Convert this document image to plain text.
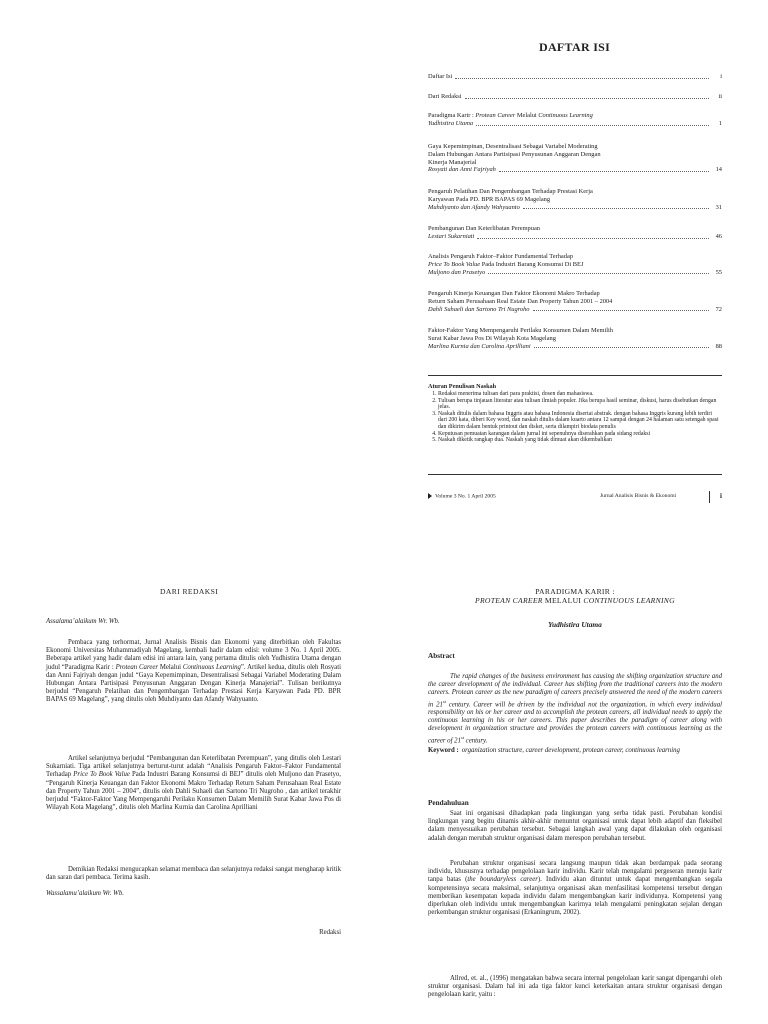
DAFTAR ISI
Daftar Isi	i
Dari Redaksi	ii
Paradigma Karir : Protean Career Melalui Continuous Learning
Yudhistira Utama	1
Gaya Kepemimpinan, Desentralisasi Sebagai Variabel Moderating
Dalam Hubungan Antara Partisipasi Penyusunan Anggaran Dengan
Kinerja Manajerial
Rosyati dan Anni Fajriyah	14
Pengaruh Pelatihan Dan Pengembangan Terhadap Prestasi Kerja
Karyawan Pada PD. BPR BAPAS 69 Magelang
Muhdiyanto dan Afandy Wahyuanto	31
Pembangunan Dan Keterlibatan Perempuan
Lestari Sukarniati	46
Analisis Pengaruh Faktor–Faktor Fundamental Terhadap
Price To Book Value Pada Industri Barang Konsumsi Di BEJ
Muljono dan Prasetyo	55
Pengaruh Kinerja Keuangan Dan Faktor Ekonomi Makro Terhadap
Return Saham Perusahaan Real Estate Dan Property Tahun 2001 – 2004
Dahli Suhaeli dan Sartono Tri Nugroho	72
Faktor-Faktor Yang Mempengaruhi Perilaku Konsumen Dalam Memilih
Surat Kabar Jawa Pos Di Wilayah Kota Magelang
Marlina Kurnia dan Carolina Aprilliani	88
Aturan Penulisan Naskah
1. Redaksi menerima tulisan dari para praktisi, dosen dan mahasiswa.
2. Tulisan berupa tinjauan literatur atau tulisan ilmiah populer. Jika berupa hasil seminar, diskusi, harus disebutkan dengan jelas.
3. Naskah ditulis dalam bahasa Inggris atau bahasa Indonesia disertai abstrak. dengan bahasa Inggris kurang lebih terdiri dari 200 kata, diberi Key word, dan naskah ditulis dalam kuarto antara 12 sampai dengan 24 halaman satu setengah spasi dan dikirim dalam bentuk printout dan disket, serta dilampiri biodata penulis
4. Keputusan pemuatan karangan dalam jurnal ini sepenuhnya diserahkan pada sidang redaksi
5. Naskah diketik rangkap dua. Naskah yang tidak dimuat akan dikembalikan
Volume 3 No. 1 April 2005	Jurnal Analisis Bisnis & Ekonomi	i
DARI REDAKSI
Assalama’alaikum Wr. Wb.
Pembaca yang terhormat, Jurnal Analisis Bisnis dan Ekonomi yang diterbitkan oleh Fakultas Ekonomi Universitas Muhammadiyah Magelang, kembali hadir dalam edisi: volume 3 No. 1 April 2005. Beberapa artikel yang hadir dalam edisi ini antara lain, yang pertama ditulis oleh Yudhistira Utama dengan judul “Paradigma Karir : Protean Career Melalui Continuous Learning”. Artikel kedua, ditulis oleh Rosyati dan Anni Fajriyah dengan judul “Gaya Kepemimpinan, Desentralisasi Sebagai Variabel Moderating Dalam Hubungan Antara Partisipasi Penyusunan Anggaran Dengan Kinerja Manajerial”. Tulisan berikutnya berjudul “Pengaruh Pelatihan dan Pengembangan Terhadap Prestasi Kerja Karyawan Pada PD. BPR BAPAS 69 Magelang”, yang ditulis oleh Muhdiyanto dan Afandy Wahyuanto.
Artikel selanjutnya berjudul “Pembangunan dan Keterlibatan Perempuan”, yang ditulis oleh Lestari Sukarniati. Tiga artikel selanjutnya berturut-turut adalah “Analisis Pengaruh Faktor–Faktor Fundamental Terhadap Price To Book Value Pada Industri Barang Konsumsi di BEJ” ditulis oleh Muljono dan Prasetyo, “Pengaruh Kinerja Keuangan dan Faktor Ekonomi Makro Terhadap Return Saham Perusahaan Real Estate dan Property Tahun 2001 – 2004”, ditulis oleh Dahli Suhaeli dan Sartono Tri Nugroho , dan artikel terakhir berjudul “Faktor-Faktor Yang Mempengaruhi Perilaku Konsumen Dalam Memilih Surat Kabar Jawa Pos di Wilayah Kota Magelang”, ditulis oleh Marlina Kurnia dan Carolina Aprilliani
Demikian Redaksi mengucapkan selamat membaca dan selanjutnya redaksi sangat mengharap kritik dan saran dari pembaca. Terima kasih.
Wassalamu’alaikum Wr. Wb.
Redaksi
PARADIGMA KARIR :
PROTEAN CAREER MELALUI CONTINUOUS LEARNING
Yudhistira Utama
Abstract
The rapid changes of the business environment has causing the shifting organization structure and the career development of the individual. Career has shifting from the traditional careers into the modern careers. Protean career as the new paradigm of careers precisely answered the need of the modern careers in 21st century. Career will be driven by the individual not the organization, in which every individual responsibility on his or her career and to accomplish the protean careers, all individual needs to apply the continuous learning in his or her careers. This paper describes the paradigm of career along with development in organization structure and provides the protean careers with continuous learning as the career of 21st century.
Keyword : organization structure, career development, protean career, continuous learning
Pendahuluan
Saat ini organisasi dihadapkan pada lingkungan yang serba tidak pasti. Perubahan kondisi lingkungan yang begitu dinamis akhir-akhir menuntut organisasi untuk dapat lebih adaptif dan fleksibel dalam menyesuaikan perubahan tersebut. Sebagai langkah awal yang dapat dilakukan oleh organisasi adalah dengan merubah struktur organisasi dalam merespon perubahan tersebut.
Perubahan struktur organisasi secara langsung maupun tidak akan berdampak pada seorang individu, khususnya terhadap pengelolaan karir individu. Karir telah mengalami pergeseran menuju karir tanpa batas (the boundaryless career). Individu akan dituntut untuk dapat mengembangkan segala kompetensinya secara maksimal, selanjutnya organisasi akan menfasilitasi kompetensi tersebut dengan memberikan kesempatan kepada individu dalam mengembangkan karir individunya. Kompetensi yang diperlukan oleh individu untuk mengembangkan karirnya telah mengalami peningkatan sejalan dengan perkembangan struktur organisasi (Erkaningrum, 2002).
Allred, et. al., (1996) mengatakan bahwa secara internal pengelolaan karir sangat dipengaruhi oleh struktur organisasi. Dalam hal ini ada tiga faktor kunci keterkaitan antara struktur organisasi dengan pengelolaan karir, yaitu :
